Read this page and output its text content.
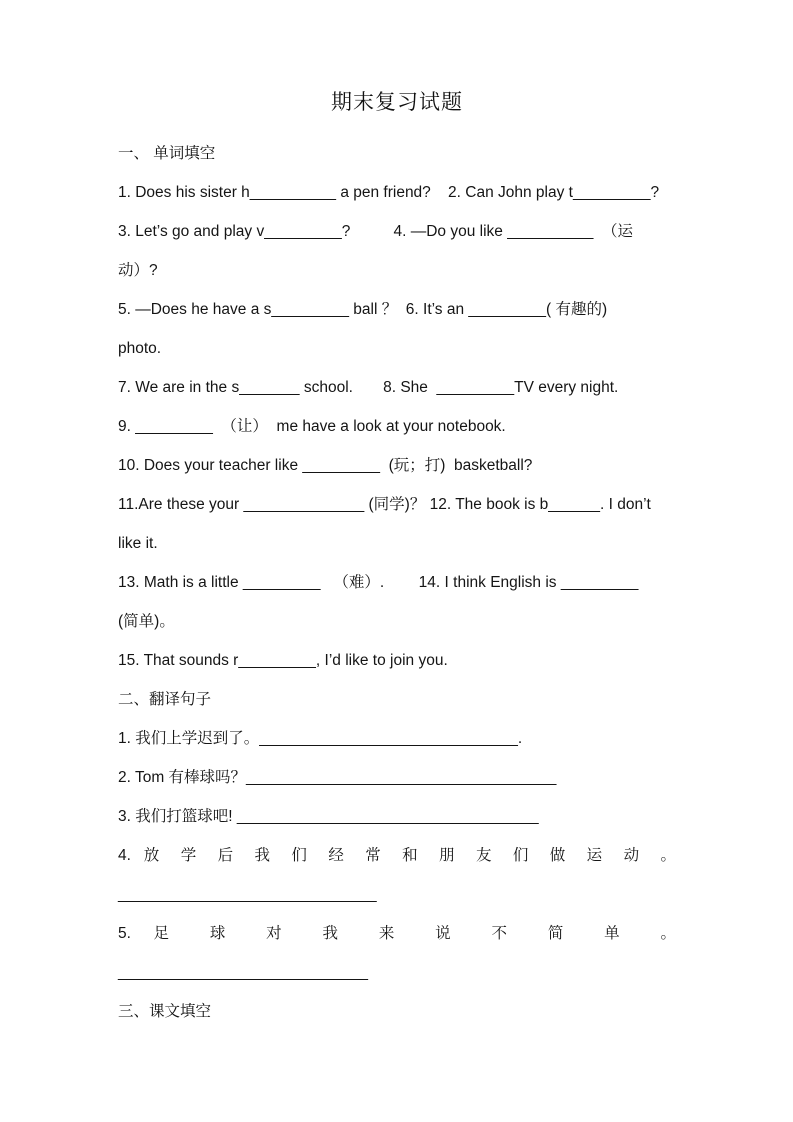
期末复习试题
一、 单词填空
1. Does his sister h__________ a pen friend?    2. Can John play t_________?
3. Let’s go and play v_________?          4. —Do you like __________  （运
动）?
5. —Does he have a s_________ ball ？  6. It’s an _________( 有趣的)
photo.
7. We are in the s_______ school.       8. She  _________TV every night.
9. _________  （让）  me have a look at your notebook.
10. Does your teacher like _________  (玩；打)  basketball?
11.Are these your ______________ (同学)？ 12. The book is b______. I don’t
like it.
13. Math is a little _________   （难）.        14. I think English is _________
(简单)。
15. That sounds r_________, I’d like to join you.
二、翻译句子
1. 我们上学迟到了。______________________________.
2. Tom 有棒球吗？____________________________________
3. 我们打篮球吧! ___________________________________
4. 放 学 后 我 们 经 常 和 朋 友 们 做 运 动 。
______________________________
5. 足 球 对 我 来 说 不 简 单 。
_____________________________
三、课文填空
